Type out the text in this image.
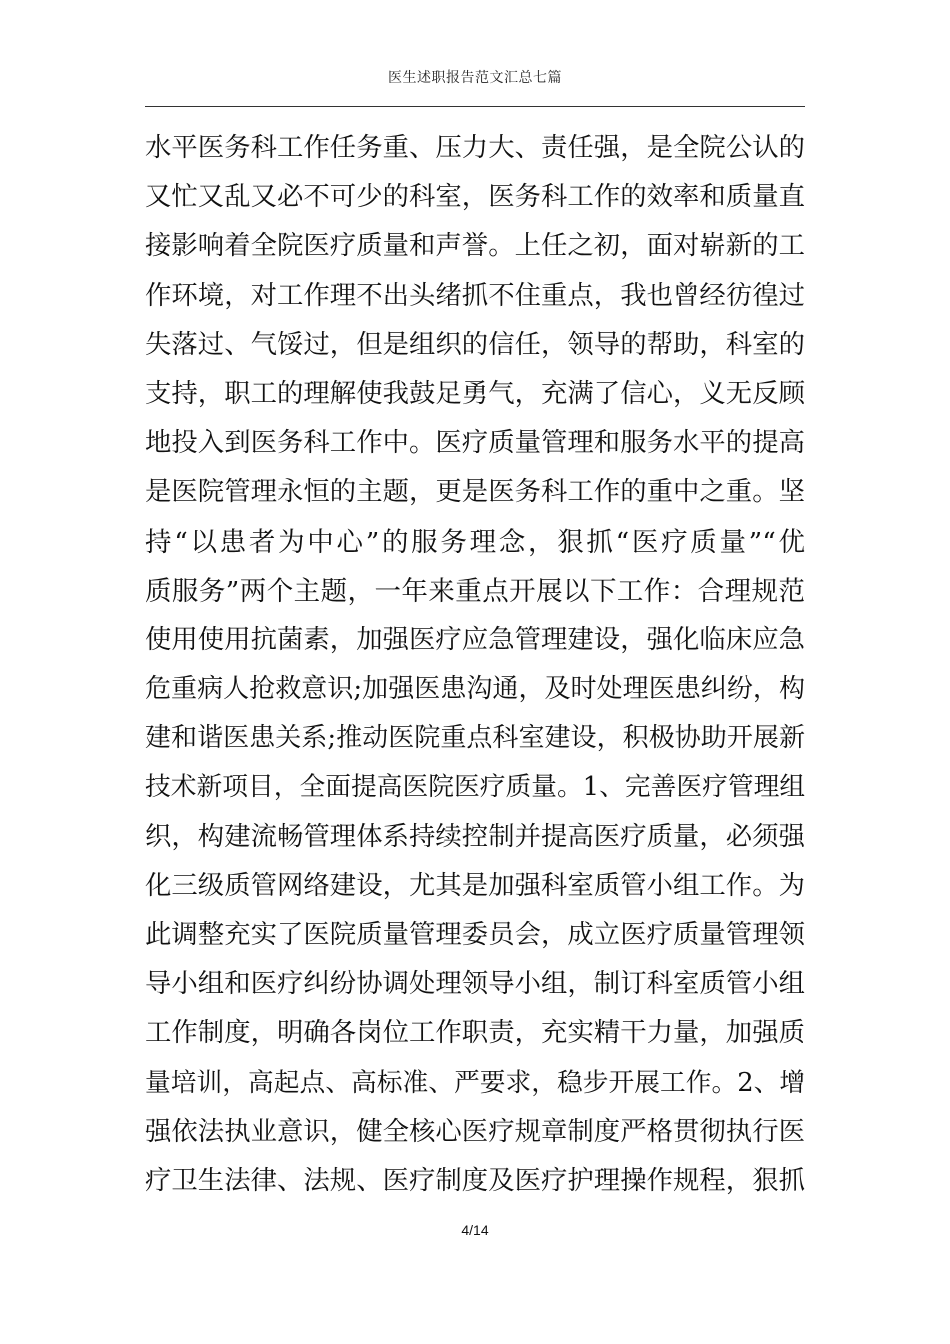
医生述职报告范文汇总七篇
水平医务科工作任务重、压力大、责任强，是全院公认的
又忙又乱又必不可少的科室，医务科工作的效率和质量直
接影响着全院医疗质量和声誉。上任之初，面对崭新的工
作环境，对工作理不出头绪抓不住重点，我也曾经彷徨过
失落过、气馁过，但是组织的信任，领导的帮助，科室的
支持，职工的理解使我鼓足勇气，充满了信心，义无反顾
地投入到医务科工作中。医疗质量管理和服务水平的提高
是医院管理永恒的主题，更是医务科工作的重中之重。坚
持“以患者为中心”的服务理念，狠抓“医疗质量”“优
质服务”两个主题，一年来重点开展以下工作：合理规范
使用使用抗菌素，加强医疗应急管理建设，强化临床应急
危重病人抢救意识;加强医患沟通，及时处理医患纠纷，构
建和谐医患关系;推动医院重点科室建设，积极协助开展新
技术新项目，全面提高医院医疗质量。1、完善医疗管理组
织，构建流畅管理体系持续控制并提高医疗质量，必须强
化三级质管网络建设，尤其是加强科室质管小组工作。为
此调整充实了医院质量管理委员会，成立医疗质量管理领
导小组和医疗纠纷协调处理领导小组，制订科室质管小组
工作制度，明确各岗位工作职责，充实精干力量，加强质
量培训，高起点、高标准、严要求，稳步开展工作。2、增
强依法执业意识，健全核心医疗规章制度严格贯彻执行医
疗卫生法律、法规、医疗制度及医疗护理操作规程，狠抓
4/14
